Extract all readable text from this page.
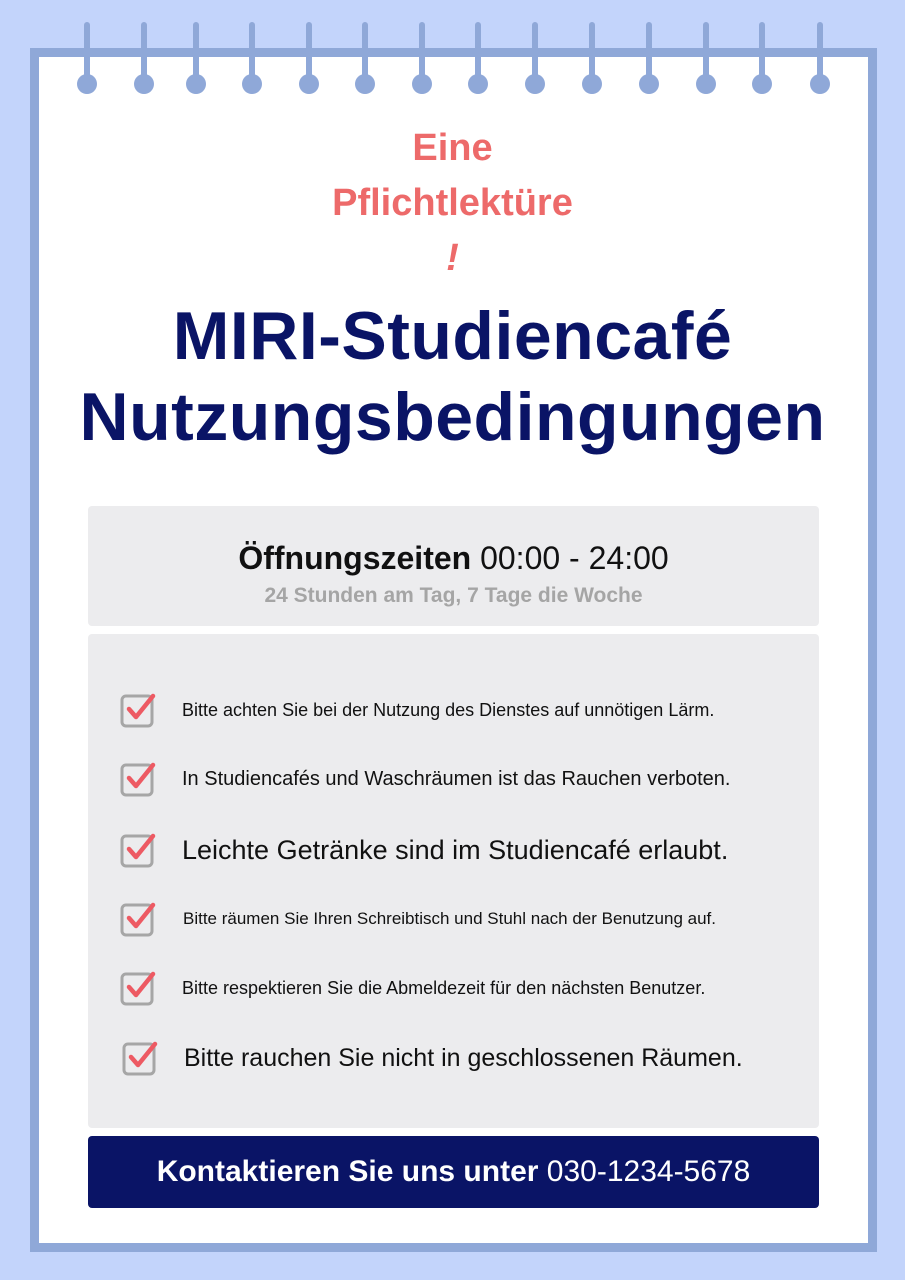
Eine
Pflichtlektüre
!
MIRI-Studiencafé
Nutzungsbedingungen
Öffnungszeiten 00:00 - 24:00
24 Stunden am Tag, 7 Tage die Woche
Bitte achten Sie bei der Nutzung des Dienstes auf unnötigen Lärm.
In Studiencafés und Waschräumen ist das Rauchen verboten.
Leichte Getränke sind im Studiencafé erlaubt.
Bitte räumen Sie Ihren Schreibtisch und Stuhl nach der Benutzung auf.
Bitte respektieren Sie die Abmeldezeit für den nächsten Benutzer.
Bitte rauchen Sie nicht in geschlossenen Räumen.
Kontaktieren Sie uns unter 030-1234-5678
